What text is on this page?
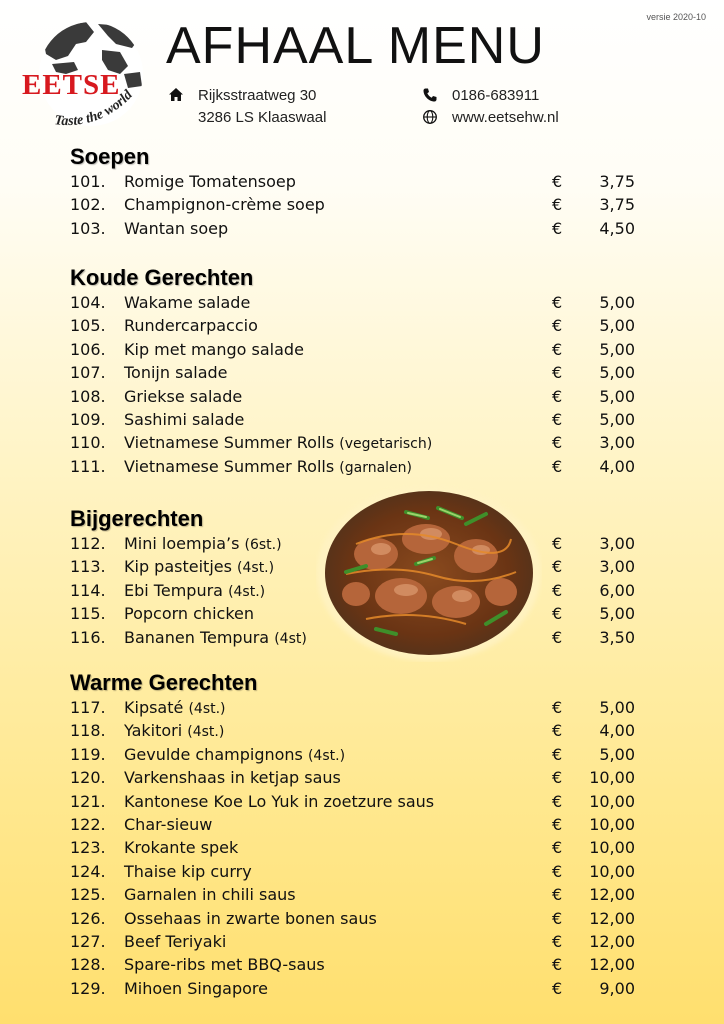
versie 2020-10
EETSE
Taste the world
AFHAAL MENU
Rijksstraatweg 30
3286 LS Klaaswaal
0186-683911
www.eetsehw.nl
Soepen
101. Romige Tomatensoep	€	3,75
102. Champignon-crème soep	€	3,75
103. Wantan soep	€	4,50
Koude Gerechten
104. Wakame salade	€	5,00
105. Rundercarpaccio	€	5,00
106. Kip met mango salade	€	5,00
107. Tonijn salade	€	5,00
108. Griekse salade	€	5,00
109. Sashimi salade	€	5,00
110. Vietnamese Summer Rolls (vegetarisch)	€	3,00
111. Vietnamese Summer Rolls (garnalen)	€	4,00
Bijgerechten
112. Mini loempia’s (6st.)	€	3,00
113. Kip pasteitjes (4st.)	€	3,00
114. Ebi Tempura (4st.)	€	6,00
115. Popcorn chicken	€	5,00
116. Bananen Tempura (4st)	€	3,50
Warme Gerechten
117. Kipsaté (4st.)	€	5,00
118. Yakitori (4st.)	€	4,00
119. Gevulde champignons (4st.)	€	5,00
120. Varkenshaas in ketjap saus	€	10,00
121. Kantonese Koe Lo Yuk in zoetzure saus	€	10,00
122. Char-sieuw	€	10,00
123. Krokante spek	€	10,00
124. Thaise kip curry	€	10,00
125. Garnalen in chili saus	€	12,00
126. Ossehaas in zwarte bonen saus	€	12,00
127. Beef Teriyaki	€	12,00
128. Spare-ribs met BBQ-saus	€	12,00
129. Mihoen Singapore	€	9,00
